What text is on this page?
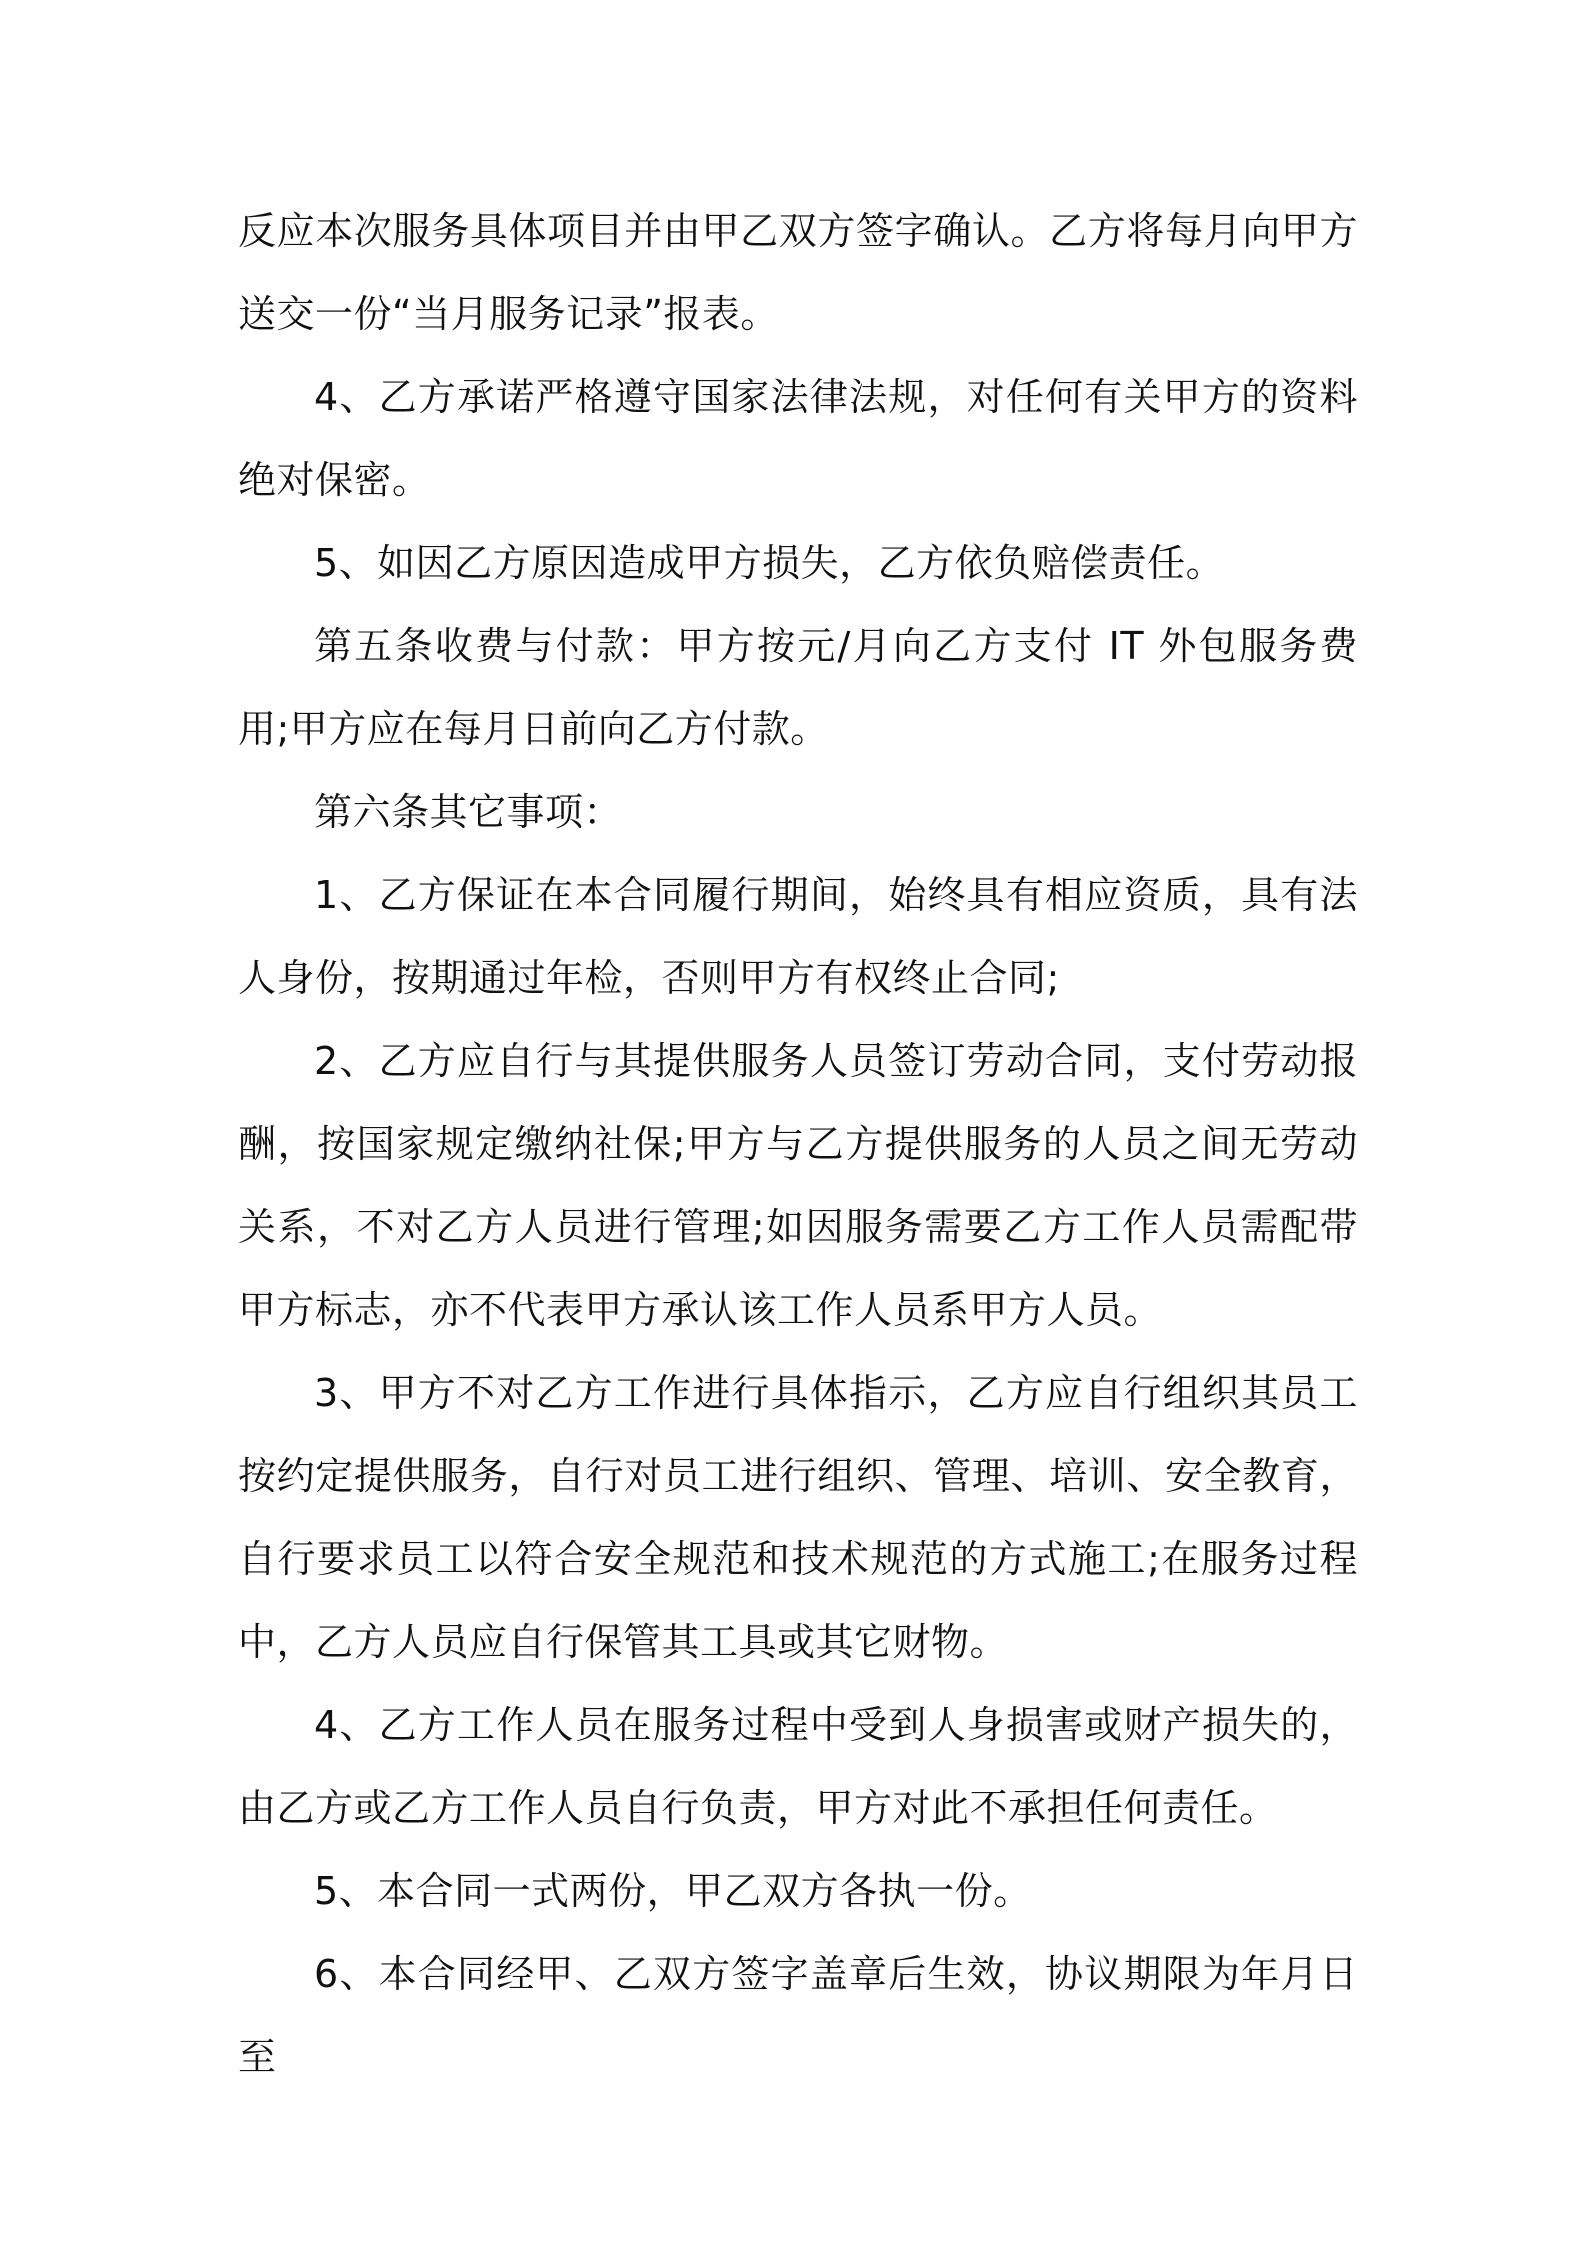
反应本次服务具体项目并由甲乙双方签字确认。乙方将每月向甲方送交一份“当月服务记录”报表。

4、乙方承诺严格遵守国家法律法规，对任何有关甲方的资料绝对保密。

5、如因乙方原因造成甲方损失，乙方依负赔偿责任。

第五条收费与付款：甲方按元/月向乙方支付 IT 外包服务费用;甲方应在每月日前向乙方付款。

第六条其它事项：

1、乙方保证在本合同履行期间，始终具有相应资质，具有法人身份，按期通过年检，否则甲方有权终止合同;

2、乙方应自行与其提供服务人员签订劳动合同，支付劳动报酬，按国家规定缴纳社保;甲方与乙方提供服务的人员之间无劳动关系，不对乙方人员进行管理;如因服务需要乙方工作人员需配带甲方标志，亦不代表甲方承认该工作人员系甲方人员。

3、甲方不对乙方工作进行具体指示，乙方应自行组织其员工按约定提供服务，自行对员工进行组织、管理、培训、安全教育，自行要求员工以符合安全规范和技术规范的方式施工;在服务过程中，乙方人员应自行保管其工具或其它财物。

4、乙方工作人员在服务过程中受到人身损害或财产损失的，由乙方或乙方工作人员自行负责，甲方对此不承担任何责任。

5、本合同一式两份，甲乙双方各执一份。

6、本合同经甲、乙双方签字盖章后生效，协议期限为年月日至
